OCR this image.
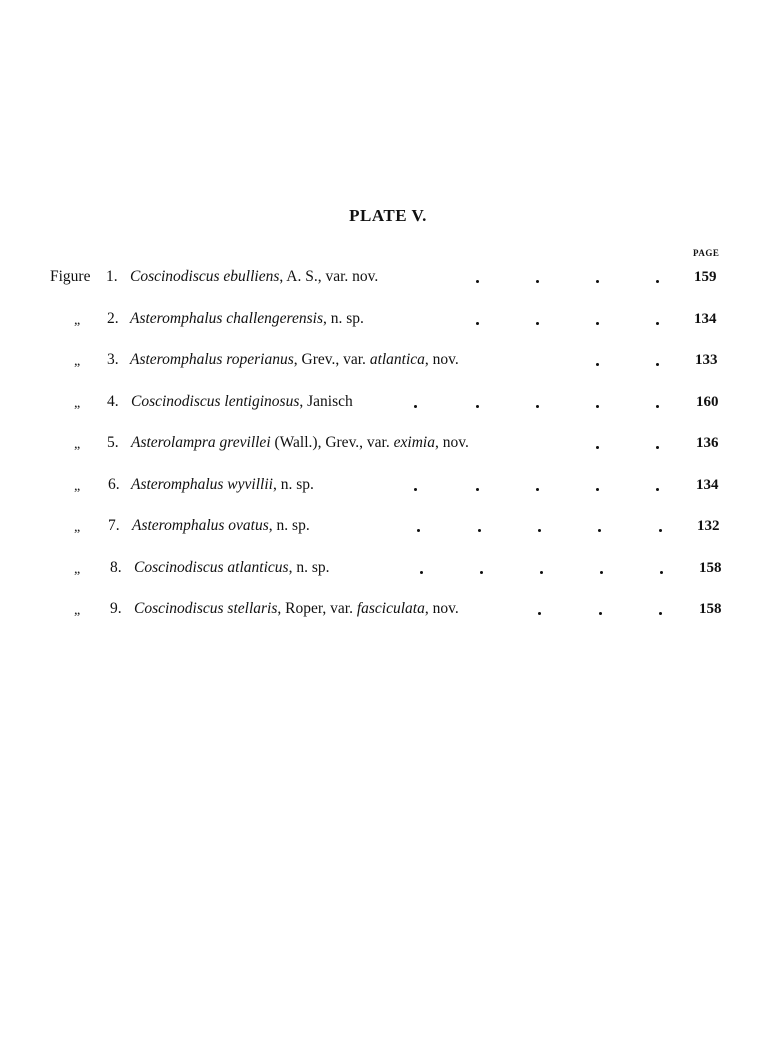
PLATE V.
PAGE
Figure 1. Coscinodiscus ebulliens, A. S., var. nov.	159
„ 2. Asteromphalus challengerensis, n. sp.	134
„ 3. Asteromphalus roperianus, Grev., var. atlantica, nov.	133
„ 4. Coscinodiscus lentiginosus, Janisch	160
„ 5. Asterolampra grevillei (Wall.), Grev., var. eximia, nov.	136
„ 6. Asteromphalus wyvillii, n. sp.	134
„ 7. Asteromphalus ovatus, n. sp.	132
„ 8. Coscinodiscus atlanticus, n. sp.	158
„ 9. Coscinodiscus stellaris, Roper, var. fasciculata, nov.	158
